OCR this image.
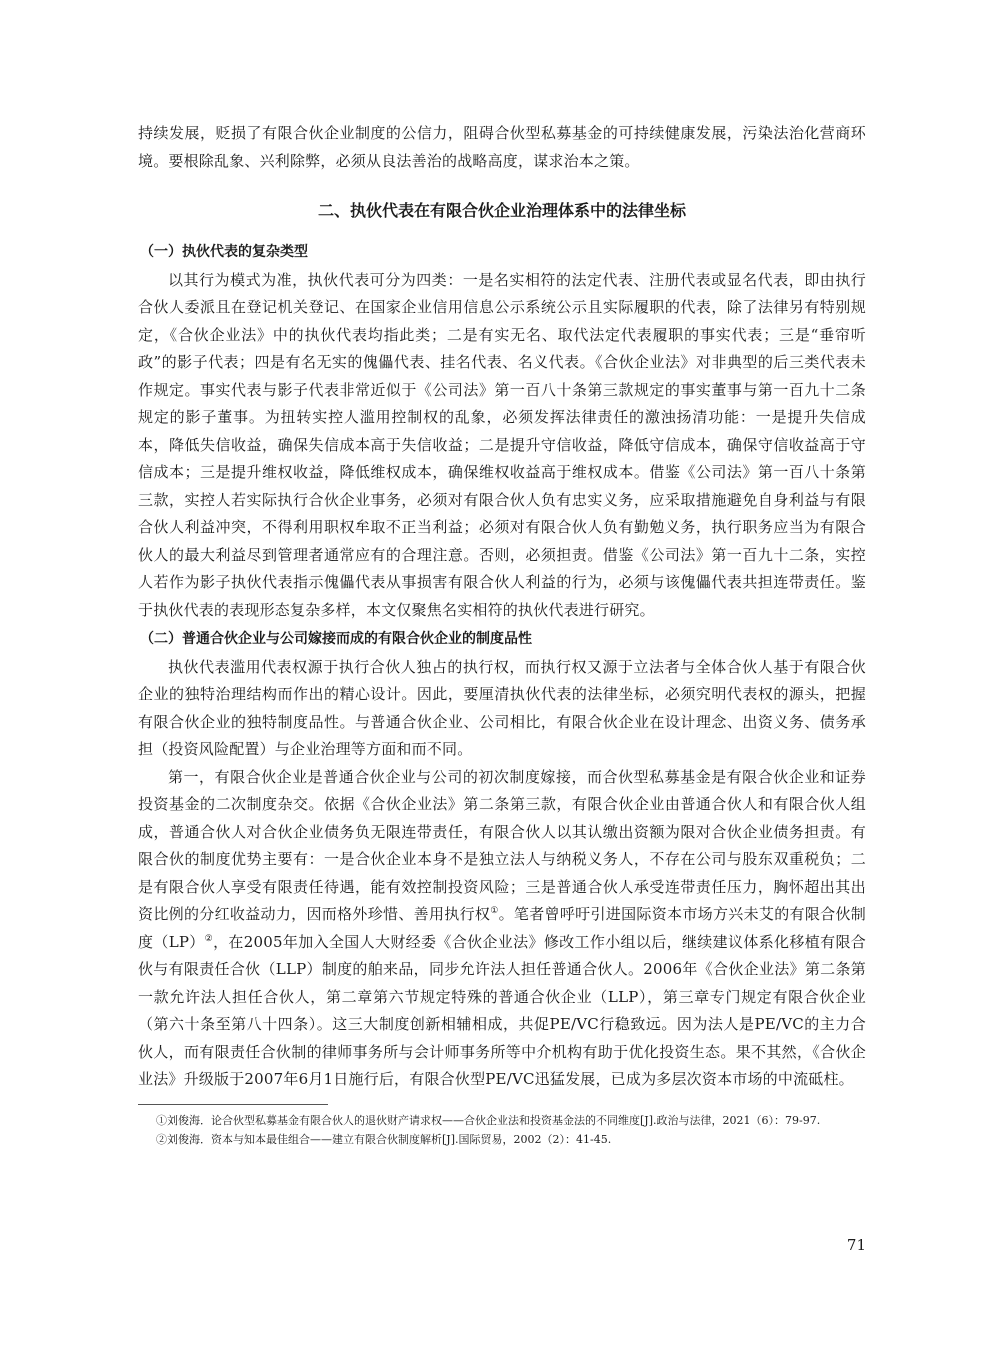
持续发展，贬损了有限合伙企业制度的公信力，阻碍合伙型私募基金的可持续健康发展，污染法治化营商环境。要根除乱象、兴利除弊，必须从良法善治的战略高度，谋求治本之策。

二、执伙代表在有限合伙企业治理体系中的法律坐标
（一）执伙代表的复杂类型

以其行为模式为准，执伙代表可分为四类：一是名实相符的法定代表、注册代表或显名代表，即由执行合伙人委派且在登记机关登记、在国家企业信用信息公示系统公示且实际履职的代表，除了法律另有特别规定，《合伙企业法》中的执伙代表均指此类；二是有实无名、取代法定代表履职的事实代表；三是“垂帘听政”的影子代表；四是有名无实的傀儡代表、挂名代表、名义代表。《合伙企业法》对非典型的后三类代表未作规定。事实代表与影子代表非常近似于《公司法》第一百八十条第三款规定的事实董事与第一百九十二条规定的影子董事。为扭转实控人滥用控制权的乱象，必须发挥法律责任的激浊扬清功能：一是提升失信成本，降低失信收益，确保失信成本高于失信收益；二是提升守信收益，降低守信成本，确保守信收益高于守信成本；三是提升维权收益，降低维权成本，确保维权收益高于维权成本。借鉴《公司法》第一百八十条第三款，实控人若实际执行合伙企业事务，必须对有限合伙人负有忠实义务，应采取措施避免自身利益与有限合伙人利益冲突，不得利用职权牟取不正当利益；必须对有限合伙人负有勤勉义务，执行职务应当为有限合伙人的最大利益尽到管理者通常应有的合理注意。否则，必须担责。借鉴《公司法》第一百九十二条，实控人若作为影子执伙代表指示傀儡代表从事损害有限合伙人利益的行为，必须与该傀儡代表共担连带责任。鉴于执伙代表的表现形态复杂多样，本文仅聚焦名实相符的执伙代表进行研究。

（二）普通合伙企业与公司嫁接而成的有限合伙企业的制度品性

执伙代表滥用代表权源于执行合伙人独占的执行权，而执行权又源于立法者与全体合伙人基于有限合伙企业的独特治理结构而作出的精心设计。因此，要厘清执伙代表的法律坐标，必须究明代表权的源头，把握有限合伙企业的独特制度品性。与普通合伙企业、公司相比，有限合伙企业在设计理念、出资义务、债务承担（投资风险配置）与企业治理等方面和而不同。

第一，有限合伙企业是普通合伙企业与公司的初次制度嫁接，而合伙型私募基金是有限合伙企业和证券投资基金的二次制度杂交。依据《合伙企业法》第二条第三款，有限合伙企业由普通合伙人和有限合伙人组成，普通合伙人对合伙企业债务负无限连带责任，有限合伙人以其认缴出资额为限对合伙企业债务担责。有限合伙的制度优势主要有：一是合伙企业本身不是独立法人与纳税义务人，不存在公司与股东双重税负；二是有限合伙人享受有限责任待遇，能有效控制投资风险；三是普通合伙人承受连带责任压力，胸怀超出其出资比例的分红收益动力，因而格外珍惜、善用执行权①。笔者曾呼吁引进国际资本市场方兴未艾的有限合伙制度（LP）②，在2005年加入全国人大财经委《合伙企业法》修改工作小组以后，继续建议体系化移植有限合伙与有限责任合伙（LLP）制度的舶来品，同步允许法人担任普通合伙人。2006年《合伙企业法》第二条第一款允许法人担任合伙人，第二章第六节规定特殊的普通合伙企业（LLP），第三章专门规定有限合伙企业（第六十条至第八十四条）。这三大制度创新相辅相成，共促PE/VC行稳致远。因为法人是PE/VC的主力合伙人，而有限责任合伙制的律师事务所与会计师事务所等中介机构有助于优化投资生态。果不其然，《合伙企业法》升级版于2007年6月1日施行后，有限合伙型PE/VC迅猛发展，已成为多层次资本市场的中流砥柱。

①刘俊海．论合伙型私募基金有限合伙人的退伙财产请求权——合伙企业法和投资基金法的不同维度[J].政治与法律，2021（6）：79-97.

②刘俊海．资本与知本最佳组合——建立有限合伙制度解析[J].国际贸易，2002（2）：41-45.

71
